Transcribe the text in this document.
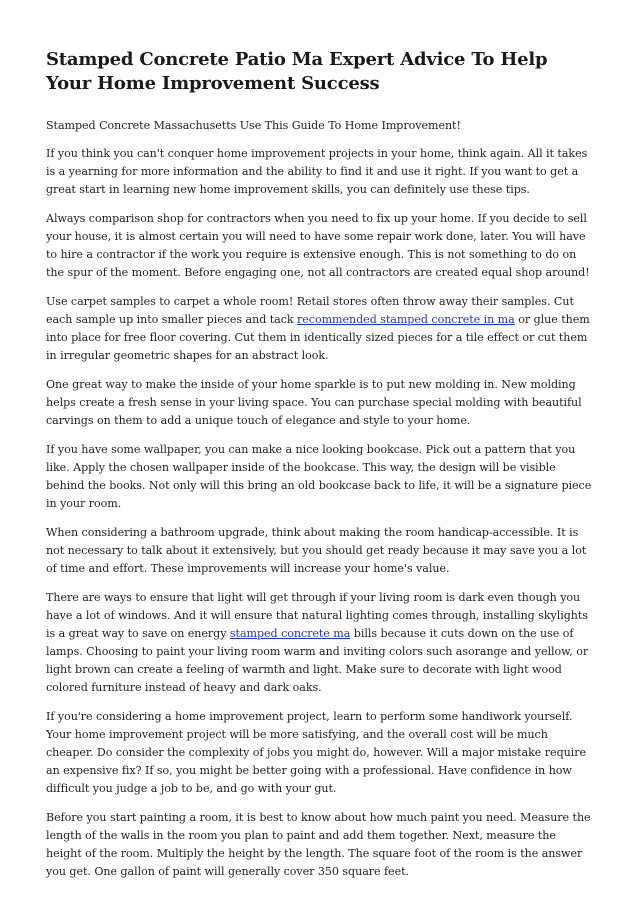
Stamped Concrete Patio Ma Expert Advice To Help Your Home Improvement Success

Stamped Concrete Massachusetts Use This Guide To Home Improvement!

If you think you can't conquer home improvement projects in your home, think again. All it takes is a yearning for more information and the ability to find it and use it right. If you want to get a great start in learning new home improvement skills, you can definitely use these tips.

Always comparison shop for contractors when you need to fix up your home. If you decide to sell your house, it is almost certain you will need to have some repair work done, later. You will have to hire a contractor if the work you require is extensive enough. This is not something to do on the spur of the moment. Before engaging one, not all contractors are created equal shop around!

Use carpet samples to carpet a whole room! Retail stores often throw away their samples. Cut each sample up into smaller pieces and tack recommended stamped concrete in ma or glue them into place for free floor covering. Cut them in identically sized pieces for a tile effect or cut them in irregular geometric shapes for an abstract look.

One great way to make the inside of your home sparkle is to put new molding in. New molding helps create a fresh sense in your living space. You can purchase special molding with beautiful carvings on them to add a unique touch of elegance and style to your home.

If you have some wallpaper, you can make a nice looking bookcase. Pick out a pattern that you like. Apply the chosen wallpaper inside of the bookcase. This way, the design will be visible behind the books. Not only will this bring an old bookcase back to life, it will be a signature piece in your room.

When considering a bathroom upgrade, think about making the room handicap-accessible. It is not necessary to talk about it extensively, but you should get ready because it may save you a lot of time and effort. These improvements will increase your home's value.

There are ways to ensure that light will get through if your living room is dark even though you have a lot of windows. And it will ensure that natural lighting comes through, installing skylights is a great way to save on energy stamped concrete ma bills because it cuts down on the use of lamps. Choosing to paint your living room warm and inviting colors such asorange and yellow, or light brown can create a feeling of warmth and light. Make sure to decorate with light wood colored furniture instead of heavy and dark oaks.

If you're considering a home improvement project, learn to perform some handiwork yourself. Your home improvement project will be more satisfying, and the overall cost will be much cheaper. Do consider the complexity of jobs you might do, however. Will a major mistake require an expensive fix? If so, you might be better going with a professional. Have confidence in how difficult you judge a job to be, and go with your gut.

Before you start painting a room, it is best to know about how much paint you need. Measure the length of the walls in the room you plan to paint and add them together. Next, measure the height of the room. Multiply the height by the length. The square foot of the room is the answer you get. One gallon of paint will generally cover 350 square feet.
